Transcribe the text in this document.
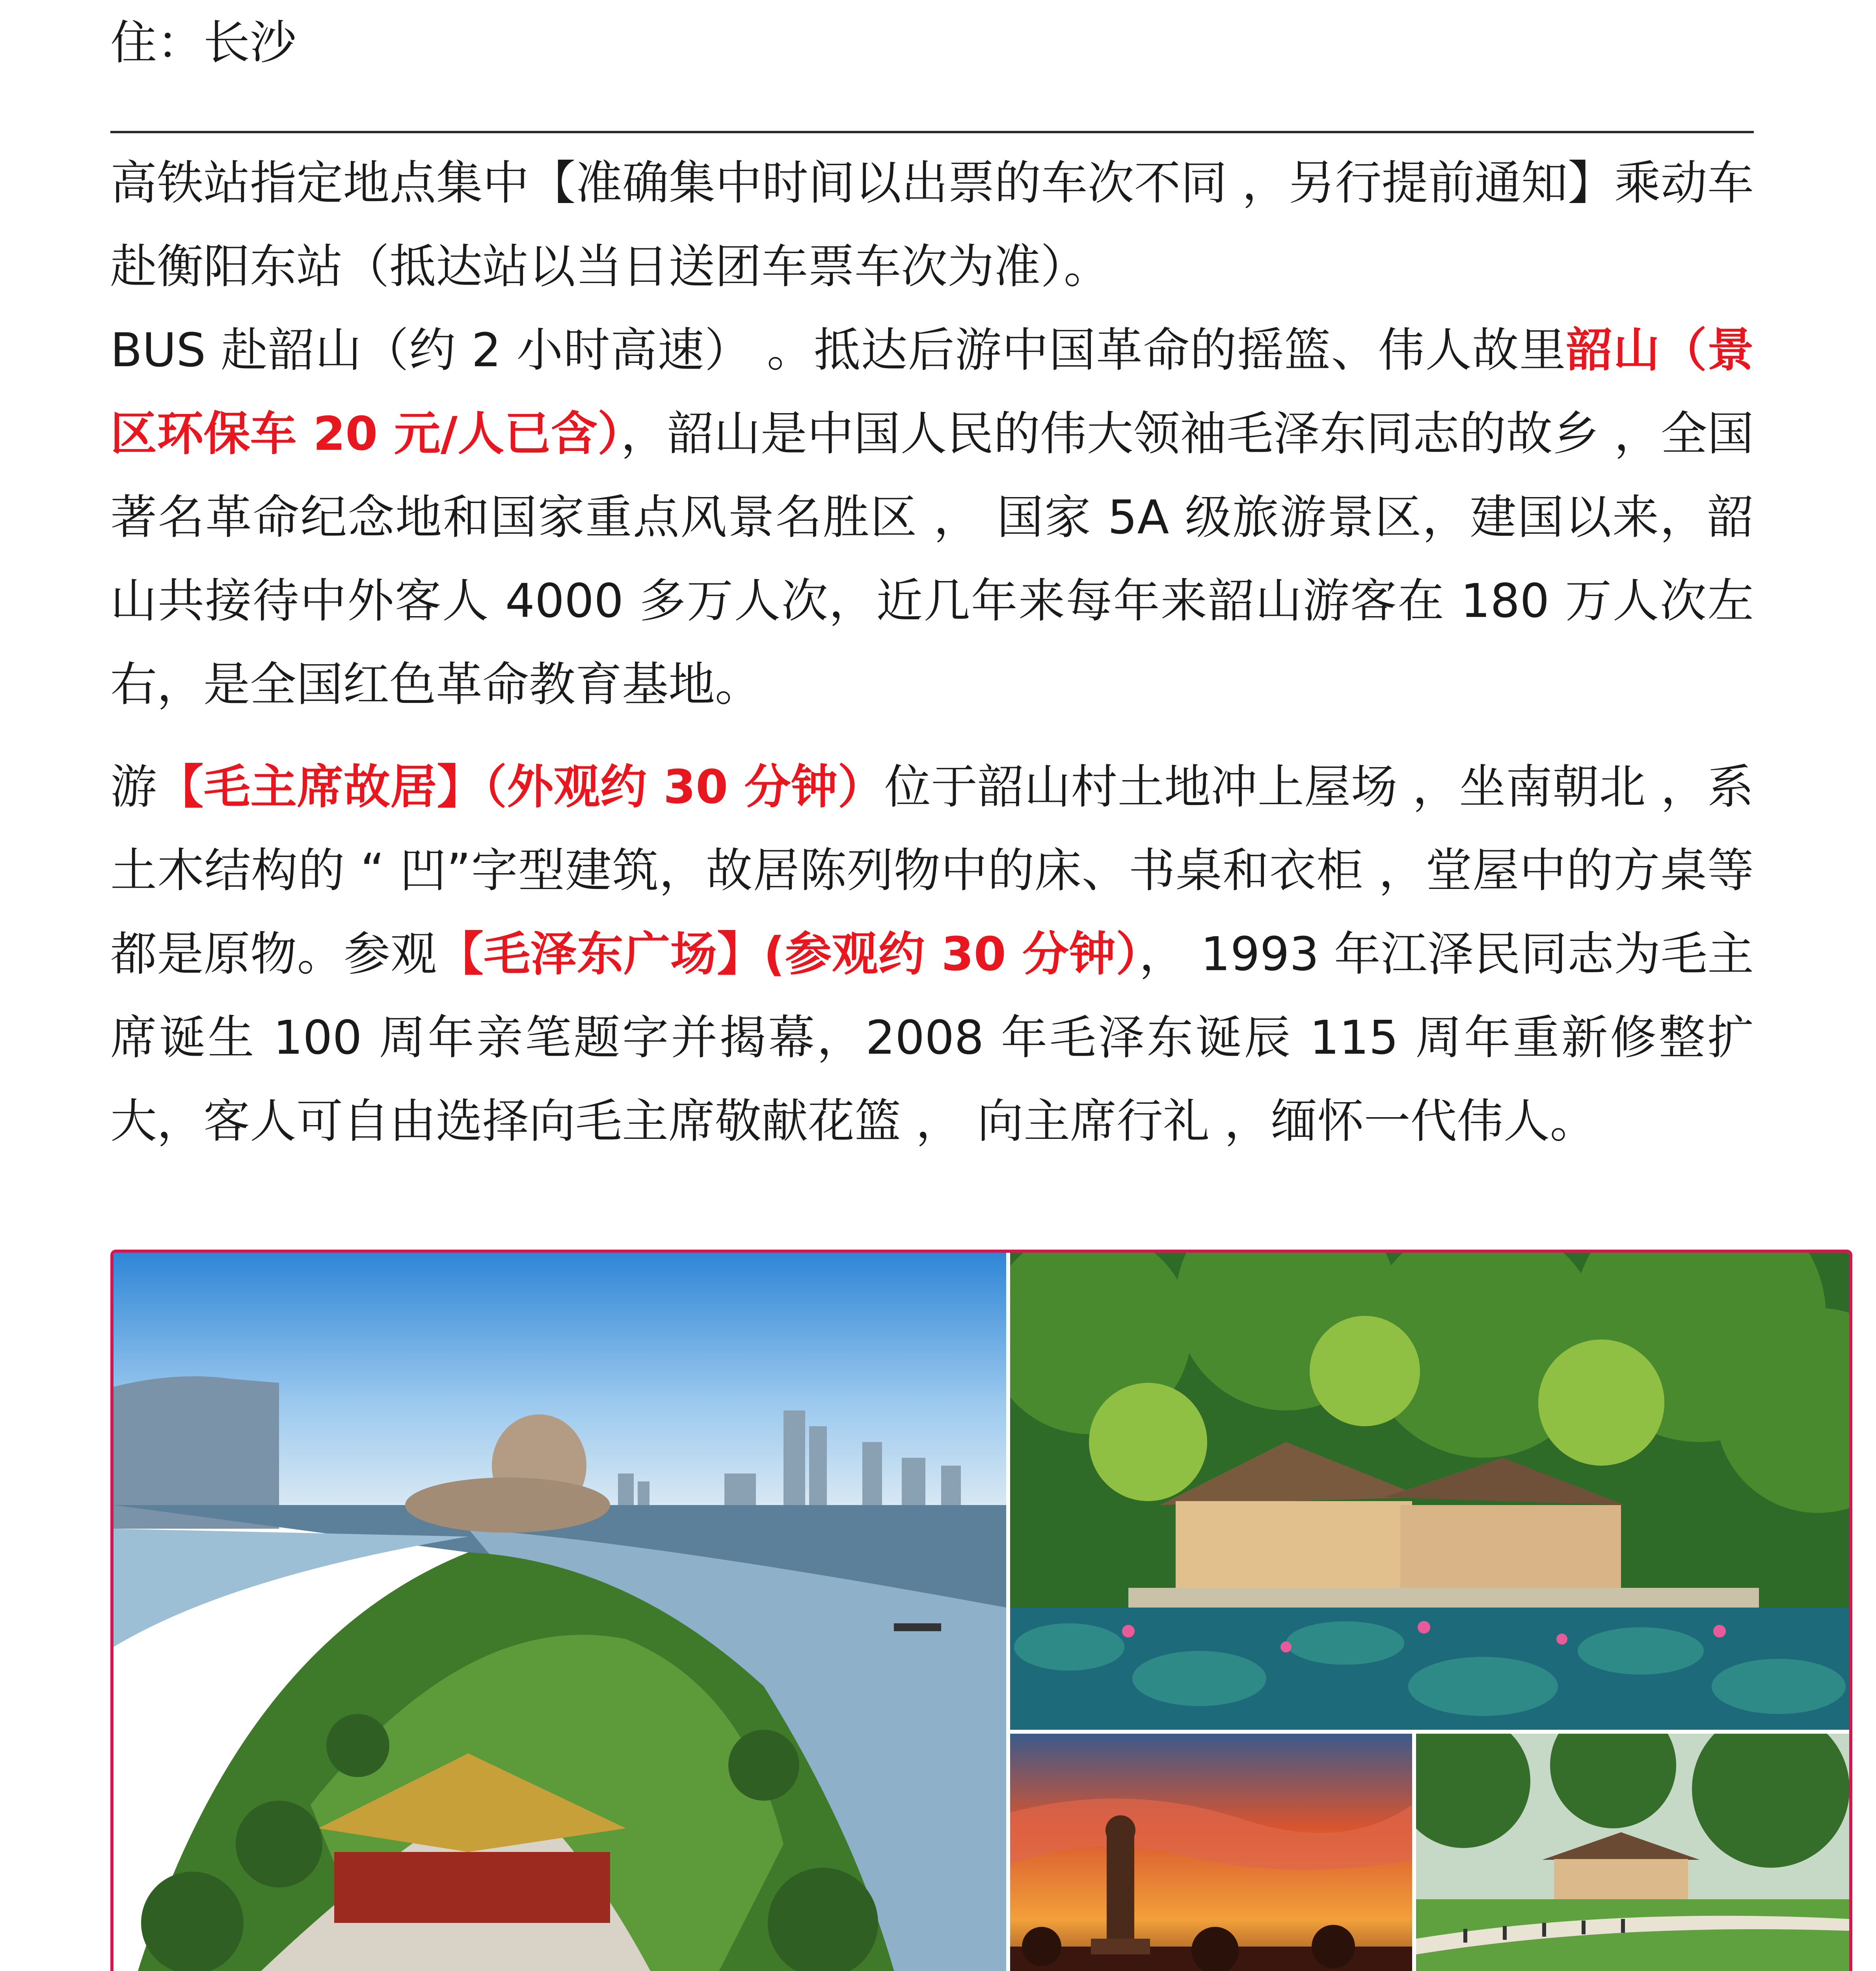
住：长沙

高铁站指定地点集中【准确集中时间以出票的车次不同 ，另行提前通知】乘动车赴衡阳东站（抵达站以当日送团车票车次为准）。

BUS 赴韶山（约 2 小时高速） 。抵达后游中国革命的摇篮、伟人故里韶山（景区环保车 20 元/人已含），韶山是中国人民的伟大领袖毛泽东同志的故乡 ，全国著名革命纪念地和国家重点风景名胜区 ， 国家 5A 级旅游景区，建国以来，韶山共接待中外客人 4000 多万人次，近几年来每年来韶山游客在 180 万人次左右，是全国红色革命教育基地。

游【毛主席故居】（外观约 30 分钟）位于韶山村土地冲上屋场 ，坐南朝北 ，系土木结构的 “ 凹”字型建筑，故居陈列物中的床、书桌和衣柜 ，堂屋中的方桌等都是原物。参观【毛泽东广场】(参观约 30 分钟）， 1993 年江泽民同志为毛主席诞生 100 周年亲笔题字并揭幕，2008 年毛泽东诞辰 115 周年重新修整扩大，客人可自由选择向毛主席敬献花篮 ， 向主席行礼 ，缅怀一代伟人。
